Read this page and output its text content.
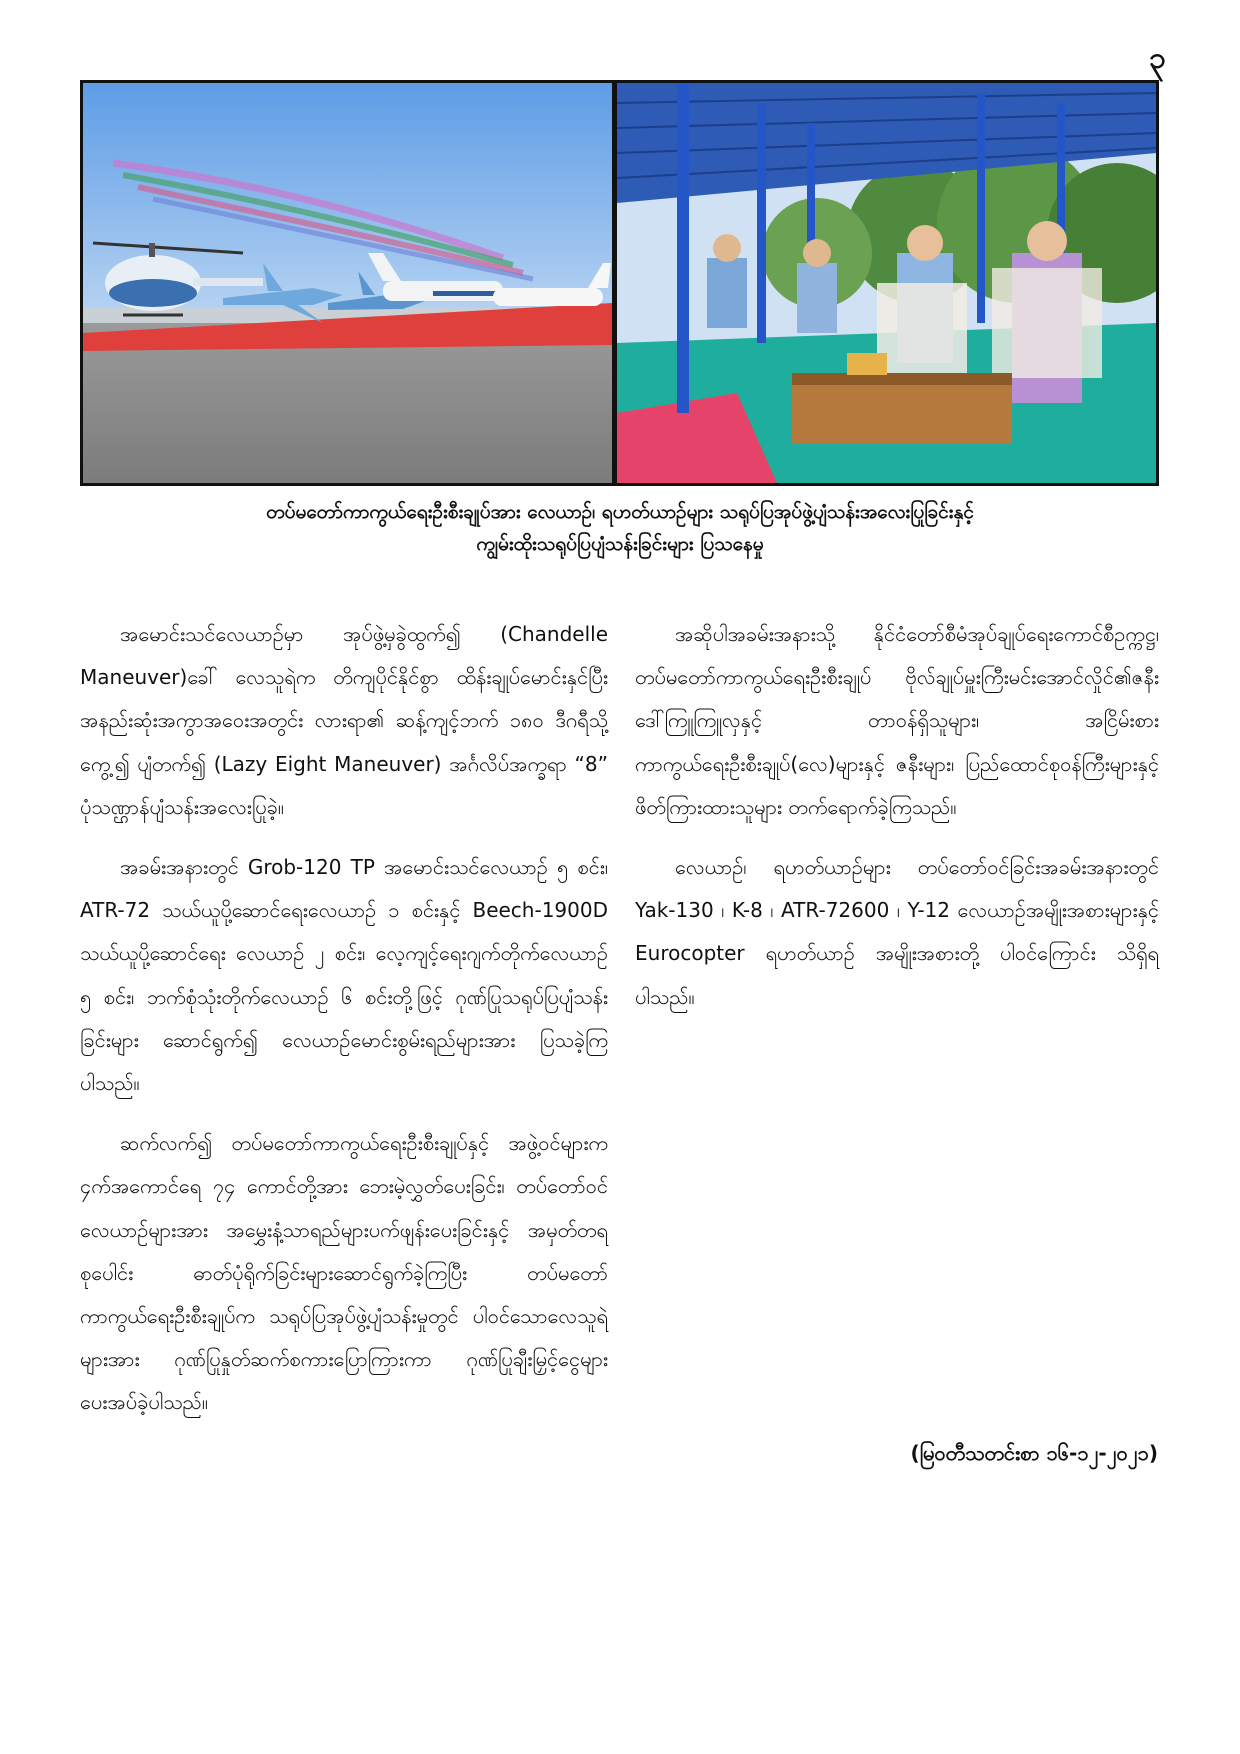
၃
တပ်မတော်ကာကွယ်ရေးဦးစီးချုပ်အား လေယာဉ်၊ ရဟတ်ယာဉ်များ သရုပ်ပြအုပ်ဖွဲ့ပျံသန်းအလေးပြုခြင်းနှင့်
ကျွမ်းထိုးသရုပ်ပြပျံသန်းခြင်းများ ပြသနေမှု

အမောင်းသင်လေယာဉ်မှာ အုပ်ဖွဲ့မှခွဲထွက်၍ (Chandelle Maneuver)ခေါ် လေသူရဲက တိကျပိုင်နိုင်စွာ ထိန်းချုပ်မောင်းနှင်ပြီး အနည်းဆုံးအကွာအဝေးအတွင်း လားရာ၏ ဆန့်ကျင့်ဘက် ၁၈၀ ဒီဂရီသို့ကွေ့၍ ပျံတက်၍ (Lazy Eight Maneuver) အင်္ဂလိပ်အက္ခရာ “8” ပုံသဏ္ဌာန်ပျံသန်းအလေးပြုခဲ့။

အခမ်းအနားတွင် Grob-120 TP အမောင်းသင်လေယာဉ် ၅ စင်း၊ ATR-72 သယ်ယူပို့ဆောင်ရေးလေယာဉ် ၁ စင်းနှင့် Beech-1900D သယ်ယူပို့ဆောင်ရေး လေယာဉ် ၂ စင်း၊ လေ့ကျင့်ရေးဂျက်တိုက်လေယာဉ် ၅ စင်း၊ ဘက်စုံသုံးတိုက်လေယာဉ် ၆ စင်းတို့ဖြင့် ဂုဏ်ပြုသရုပ်ပြပျံသန်းခြင်းများ ဆောင်ရွက်၍ လေယာဉ်မောင်းစွမ်းရည်များအား ပြသခဲ့ကြပါသည်။

ဆက်လက်၍ တပ်မတော်ကာကွယ်ရေးဦးစီးချုပ်နှင့် အဖွဲ့ဝင်များက ၄က်အကောင်ရေ ၇၄ ကောင်တို့အား ဘေးမဲ့လွှတ်ပေးခြင်း၊ တပ်တော်ဝင်လေယာဉ်များအား အမွှေးနံ့သာရည်များပက်ဖျန်းပေးခြင်းနှင့် အမှတ်တရစုပေါင်း ဓာတ်ပုံရိုက်ခြင်းများဆောင်ရွက်ခဲ့ကြပြီး တပ်မတော်ကာကွယ်ရေးဦးစီးချုပ်က သရုပ်ပြအုပ်ဖွဲ့ပျံသန်းမှုတွင် ပါဝင်သောလေသူရဲများအား ဂုဏ်ပြုနှုတ်ဆက်စကားပြောကြားကာ ဂုဏ်ပြုချီးမြှင့်ငွေများ ပေးအပ်ခဲ့ပါသည်။

အဆိုပါအခမ်းအနားသို့ နိုင်ငံတော်စီမံအုပ်ချုပ်ရေးကောင်စီဥက္ကဋ္ဌ၊ တပ်မတော်ကာကွယ်ရေးဦးစီးချုပ် ဗိုလ်ချုပ်မှူးကြီးမင်းအောင်လှိုင်၏ဇနီး ဒေါ်ကြူကြူလှနှင့် တာဝန်ရှိသူများ၊ အငြိမ်းစားကာကွယ်ရေးဦးစီးချုပ်(လေ)များနှင့် ဇနီးများ၊ ပြည်ထောင်စုဝန်ကြီးများနှင့် ဖိတ်ကြားထားသူများ တက်ရောက်ခဲ့ကြသည်။

လေယာဉ်၊ ရဟတ်ယာဉ်များ တပ်တော်ဝင်ခြင်းအခမ်းအနားတွင် Yak-130 ၊ K-8 ၊ ATR-72600 ၊ Y-12 လေယာဉ်အမျိုးအစားများနှင့် Eurocopter ရဟတ်ယာဉ် အမျိုးအစားတို့ ပါဝင်ကြောင်း သိရှိရပါသည်။

(မြဝတီသတင်းစာ ၁၆-၁၂-၂၀၂၁)
